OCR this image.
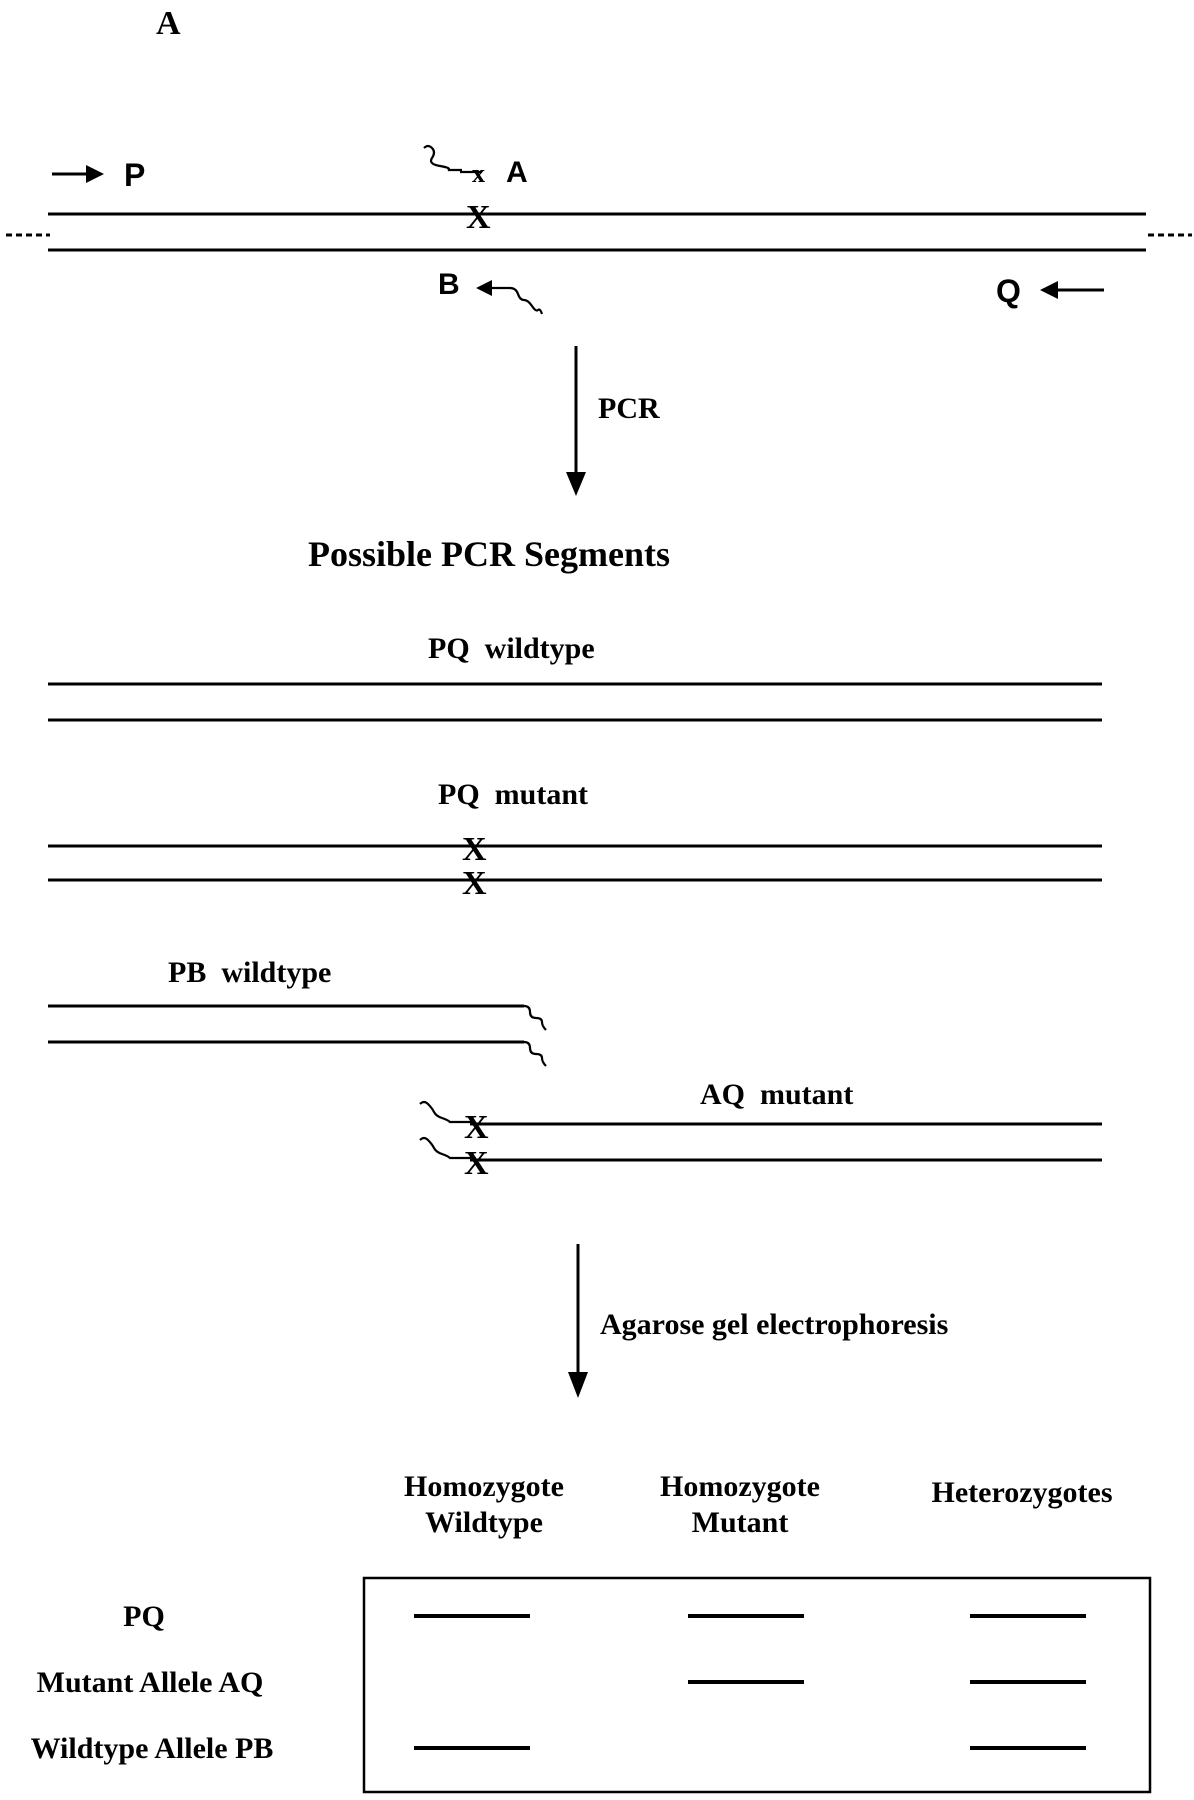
A
X
P	x A
B	Q
PCR
Possible PCR Segments
PQ  wildtype
PQ  mutant
X
X
PB  wildtype
AQ  mutant
X
X
Agarose gel electrophoresis
Homozygote
Wildtype
Homozygote
Mutant
Heterozygotes
PQ
Mutant Allele AQ
Wildtype Allele PB
